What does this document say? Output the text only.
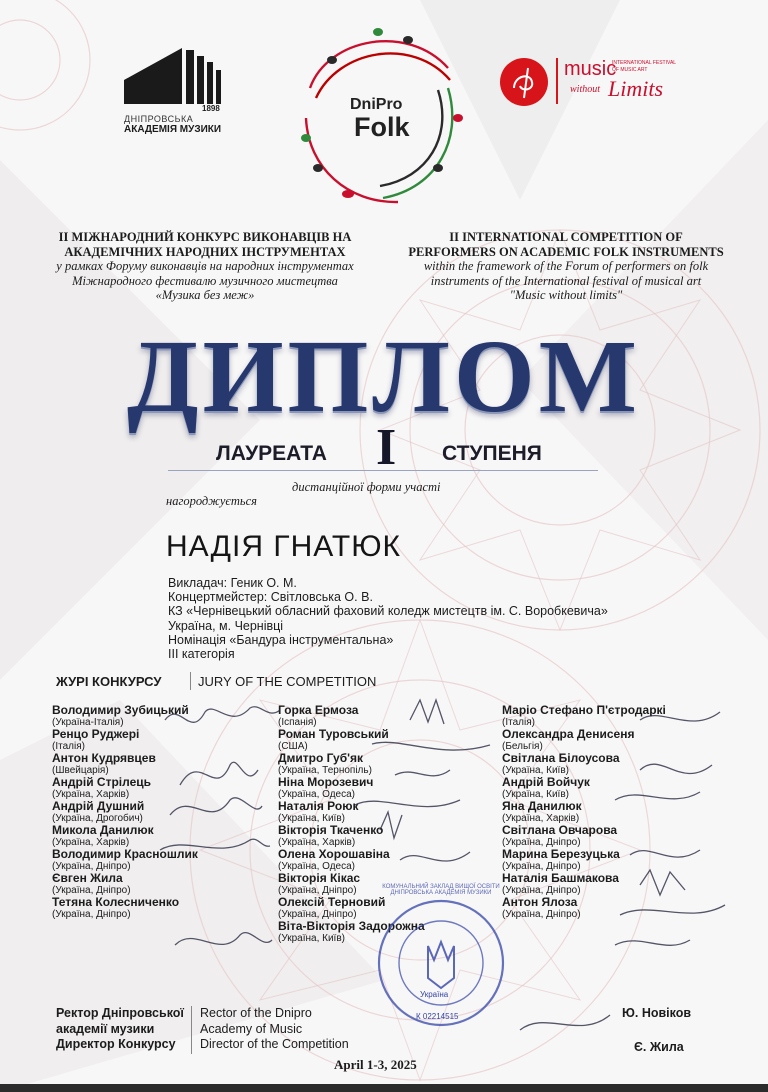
1898
ДНІПРОВСЬКА
АКАДЕМІЯ МУЗИКИ
DniPro
Folk
music
INTERNATIONAL FESTIVAL
OF MUSIC ART
without Limits
II МІЖНАРОДНИЙ КОНКУРС ВИКОНАВЦІВ НА
АКАДЕМІЧНИХ НАРОДНИХ ІНСТРУМЕНТАХ
у рамках Форуму виконавців на народних інструментах
Міжнародного фестивалю музичного мистецтва
«Музика без меж»
II INTERNATIONAL COMPETITION OF
PERFORMERS ON ACADEMIC FOLK INSTRUMENTS
within the framework of the Forum of performers on folk
instruments of the International festival of musical art
"Music without limits"
ДИПЛОМ
ЛАУРЕАТА I СТУПЕНЯ
дистанційної форми участі
нагороджується
НАДІЯ ГНАТЮК
Викладач: Геник О. М.
Концертмейстер: Світловська О. В.
КЗ «Чернівецький обласний фаховий коледж мистецтв ім. С. Воробкевича»
Україна, м. Чернівці
Номінація «Бандура інструментальна»
III категорія
ЖУРІ КОНКУРСУ	JURY OF THE COMPETITION
Володимир Зубицький
(Україна-Італія)
Ренцо Руджері
(Італія)
Антон Кудрявцев
(Швейцарія)
Андрій Стрілець
(Україна, Харків)
Андрій Душний
(Україна, Дрогобич)
Микола Данилюк
(Україна, Харків)
Володимир Красношлик
(Україна, Дніпро)
Євген Жила
(Україна, Дніпро)
Тетяна Колесниченко
(Україна, Дніпро)
Горка Ермоза
(Іспанія)
Роман Туровський
(США)
Дмитро Губ'як
(Україна, Тернопіль)
Ніна Морозевич
(Україна, Одеса)
Наталія Роюк
(Україна, Київ)
Вікторія Ткаченко
(Україна, Харків)
Олена Хорошавіна
(Україна, Одеса)
Вікторія Кікас
(Україна, Дніпро)
Олексій Терновий
(Україна, Дніпро)
Віта-Вікторія Задорожна
(Україна, Київ)
Маріо Стефано П'єтродаркі
(Італія)
Олександра Денисеня
(Бельгія)
Світлана Білоусова
(Україна, Київ)
Андрій Войчук
(Україна, Київ)
Яна Данилюк
(Україна, Харків)
Світлана Овчарова
(Україна, Дніпро)
Марина Березуцька
(Україна, Дніпро)
Наталія Башмакова
(Україна, Дніпро)
Антон Ялоза
(Україна, Дніпро)
Україна
К 02214515
КОМУНАЛЬНИЙ ЗАКЛАД ВИЩОЇ ОСВІТИ ДНІПРОВСЬКА АКАДЕМІЯ МУЗИКИ
Ректор Дніпровської
академії музики
Директор Конкурсу
Rector of the Dnipro
Academy of Music
Director of the Competition
Ю. Новіков
Є. Жила
April 1-3, 2025
